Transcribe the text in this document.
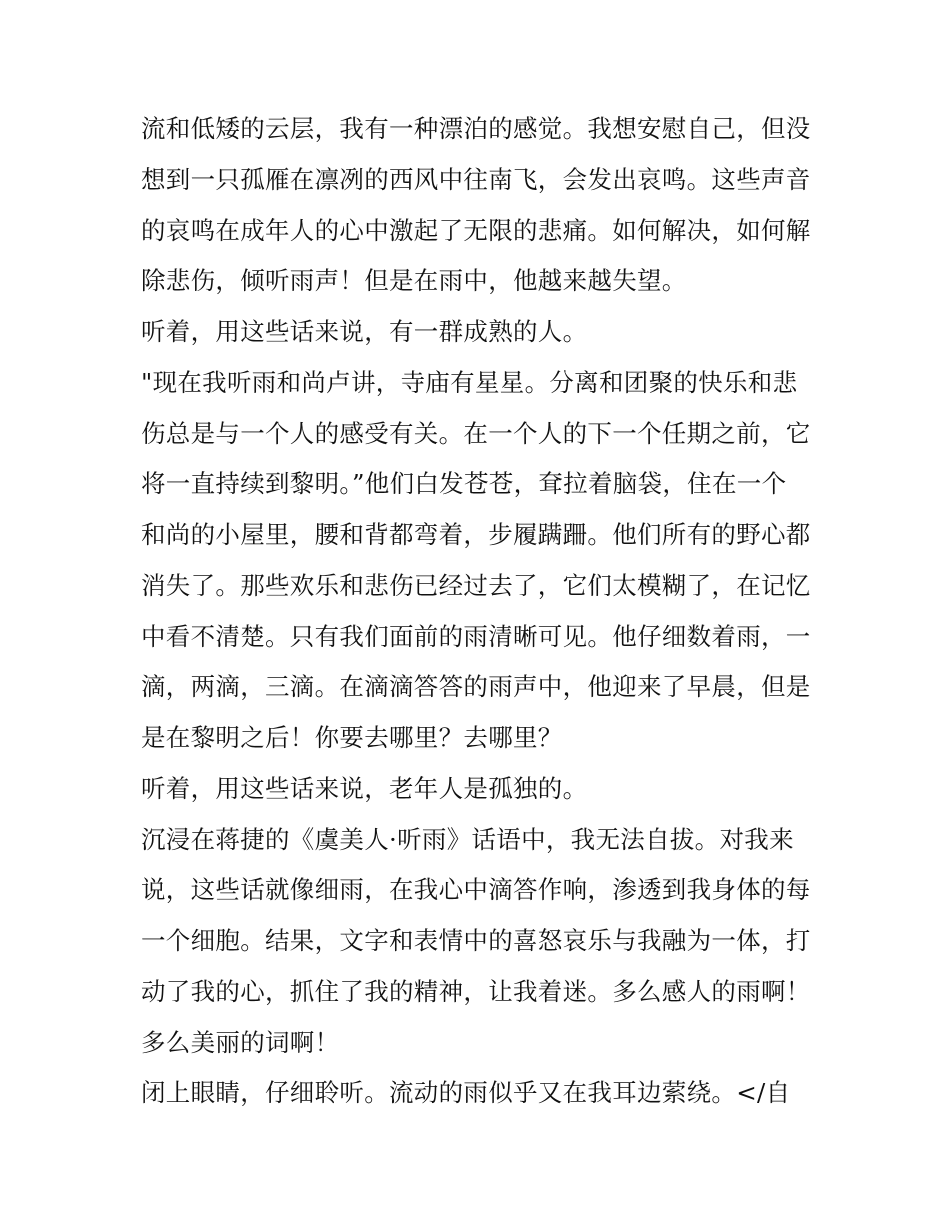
流和低矮的云层，我有一种漂泊的感觉。我想安慰自己，但没
想到一只孤雁在凛冽的西风中往南飞，会发出哀鸣。这些声音
的哀鸣在成年人的心中激起了无限的悲痛。如何解决，如何解
除悲伤，倾听雨声！但是在雨中，他越来越失望。
听着，用这些话来说，有一群成熟的人。
"现在我听雨和尚卢讲，寺庙有星星。分离和团聚的快乐和悲
伤总是与一个人的感受有关。在一个人的下一个任期之前，它
将一直持续到黎明。”他们白发苍苍，耷拉着脑袋，住在一个
和尚的小屋里，腰和背都弯着，步履蹒跚。他们所有的野心都
消失了。那些欢乐和悲伤已经过去了，它们太模糊了，在记忆
中看不清楚。只有我们面前的雨清晰可见。他仔细数着雨，一
滴，两滴，三滴。在滴滴答答的雨声中，他迎来了早晨，但是
是在黎明之后！你要去哪里？去哪里？
听着，用这些话来说，老年人是孤独的。
沉浸在蒋捷的《虞美人·听雨》话语中，我无法自拔。对我来
说，这些话就像细雨，在我心中滴答作响，渗透到我身体的每
一个细胞。结果，文字和表情中的喜怒哀乐与我融为一体，打
动了我的心，抓住了我的精神，让我着迷。多么感人的雨啊！
多么美丽的词啊！
闭上眼睛，仔细聆听。流动的雨似乎又在我耳边萦绕。</自
